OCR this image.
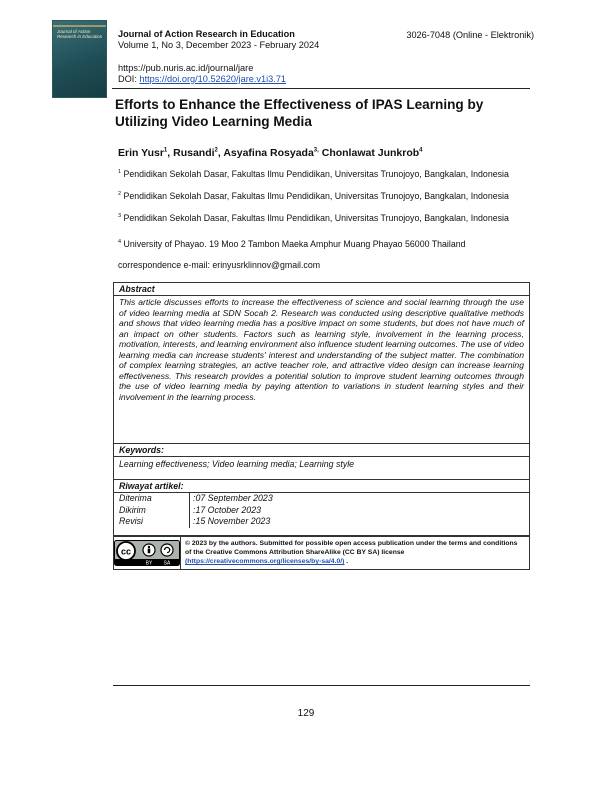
Journal of Action Research in Education Journal of Action Research in Education
Volume 1, No 3, December 2023 - February 2024
3026-7048 (Online - Elektronik)
https://pub.nuris.ac.id/journal/jare
DOI: https://doi.org/10.52620/jare.v1i3.71
Efforts to Enhance the Effectiveness of IPAS Learning by Utilizing Video Learning Media
Erin Yusr$^1$, Rusandi$^2$, Asyafina Rosyada$^{3,}$ Chonlawat Junkrob$^4$
$^1$ Pendidikan Sekolah Dasar, Fakultas Ilmu Pendidikan, Universitas Trunojoyo, Bangkalan, Indonesia
$^2$ Pendidikan Sekolah Dasar, Fakultas Ilmu Pendidikan, Universitas Trunojoyo, Bangkalan, Indonesia
$^3$ Pendidikan Sekolah Dasar, Fakultas Ilmu Pendidikan, Universitas Trunojoyo, Bangkalan, Indonesia
$^4$ University of Phayao. 19 Moo 2 Tambon Maeka Amphur Muang Phayao 56000 Thailand
correspondence e-mail: erinyusrklinnov@gmail.com
Abstract
This article discusses efforts to increase the effectiveness of science and social learning through the use of video learning media at SDN Socah 2. Research was conducted using descriptive qualitative methods and shows that video learning media has a positive impact on some students, but does not have much of an impact on other students. Factors such as learning style, involvement in the learning process, motivation, interests, and learning environment also influence student learning outcomes. The use of video learning media can increase students' interest and understanding of the subject matter. The combination of complex learning strategies, an active teacher role, and attractive video design can increase learning effectiveness. This research provides a potential solution to improve student learning outcomes through the use of video learning media by paying attention to variations in student learning styles and their involvement in the learning process.
Keywords:
Learning effectiveness; Video learning media; Learning style
Riwayat artikel:
Diterima	:07 September 2023
Dikirim	:17 October 2023
Revisi	:15 November 2023
cc
BY SA
© 2023 by the authors. Submitted for possible open access publication under the terms and conditions of the Creative Commons Attribution ShareAlike (CC BY SA) license (https://creativecommons.org/licenses/by-sa/4.0/) .
129
